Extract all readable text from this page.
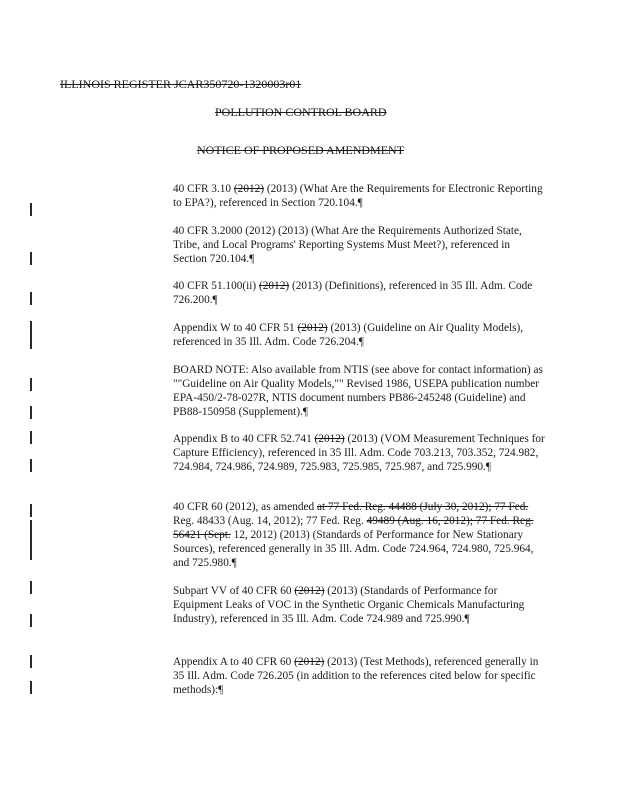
ILLINOIS REGISTER JCAR350720-1320003r01
POLLUTION CONTROL BOARD
NOTICE OF PROPOSED AMENDMENT

40 CFR 3.10 (2012) (2013) (What Are the Requirements for Electronic Reporting to EPA?), referenced in Section 720.104.¶

40 CFR 3.2000 (2012) (2013) (What Are the Requirements Authorized State, Tribe, and Local Programs' Reporting Systems Must Meet?), referenced in Section 720.104.¶

40 CFR 51.100(ii) (2012) (2013) (Definitions), referenced in 35 Ill. Adm. Code 726.200.¶

Appendix W to 40 CFR 51 (2012) (2013) (Guideline on Air Quality Models), referenced in 35 Ill. Adm. Code 726.204.¶

BOARD NOTE: Also available from NTIS (see above for contact information) as ""Guideline on Air Quality Models,"" Revised 1986, USEPA publication number EPA-450/2-78-027R, NTIS document numbers PB86-245248 (Guideline) and PB88-150958 (Supplement).¶

Appendix B to 40 CFR 52.741 (2012) (2013) (VOM Measurement Techniques for Capture Efficiency), referenced in 35 Ill. Adm. Code 703.213, 703.352, 724.982, 724.984, 724.986, 724.989, 725.983, 725.985, 725.987, and 725.990.¶

40 CFR 60 (2012), as amended at 77 Fed. Reg. 44488 (July 30, 2012); 77 Fed. Reg. 48433 (Aug. 14, 2012); 77 Fed. Reg. 49489 (Aug. 16, 2012); 77 Fed. Reg. 56421 (Sept. 12, 2012) (2013) (Standards of Performance for New Stationary Sources), referenced generally in 35 Ill. Adm. Code 724.964, 724.980, 725.964, and 725.980.¶

Subpart VV of 40 CFR 60 (2012) (2013) (Standards of Performance for Equipment Leaks of VOC in the Synthetic Organic Chemicals Manufacturing Industry), referenced in 35 Ill. Adm. Code 724.989 and 725.990.¶

Appendix A to 40 CFR 60 (2012) (2013) (Test Methods), referenced generally in 35 Ill. Adm. Code 726.205 (in addition to the references cited below for specific methods):¶
